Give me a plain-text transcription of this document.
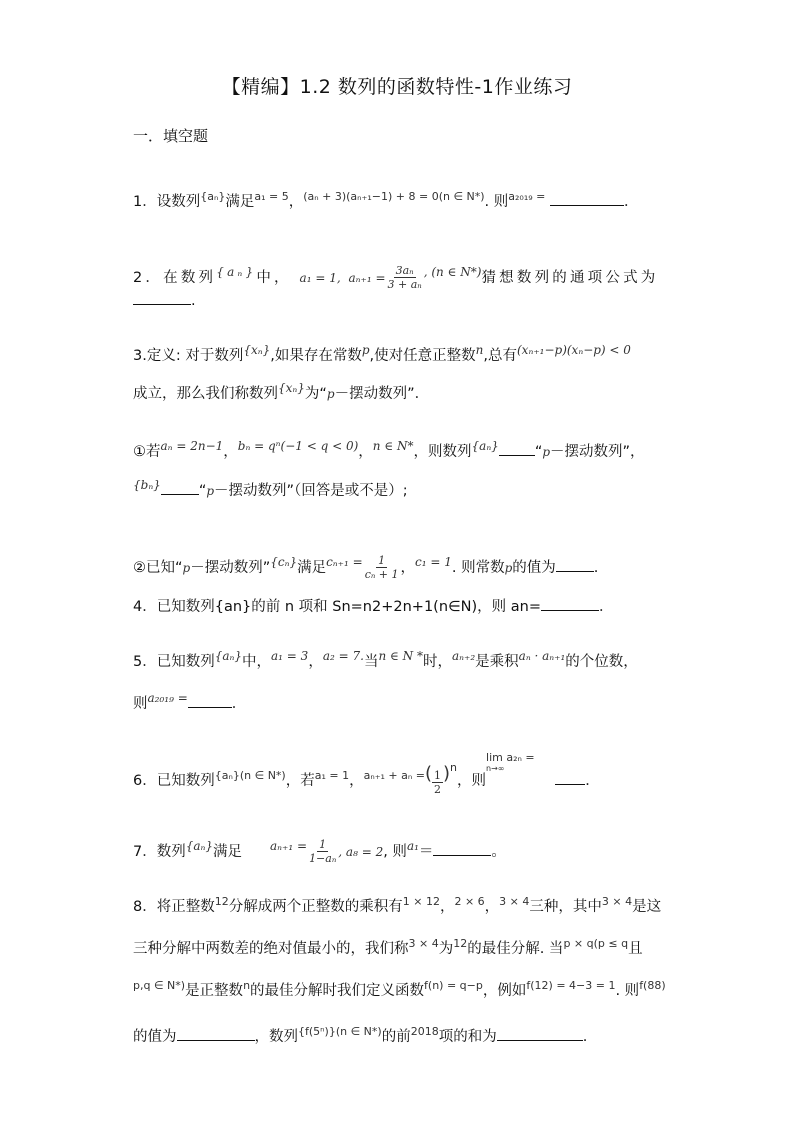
【精编】1.2 数列的函数特性-1作业练习
一．填空题
1．设数列$^{\{a_n\}}$满足$^{a_1 = 5}$，$^{(a_n + 3)(a_{n+1}-1) + 8 = 0(n \in N*)}$. 则$^{a_{2019} =}$	．
2．在数列$^{\{a_n\}}$中， a₁ = 1, $a_{n+1} = \frac{\text{3aₙ}}{\text{3 + aₙ}} ^{, (n \in N*)}$猜想数列的通项公式为
.
3.定义: 对于数列$^{\{x_n\}}$,如果存在常数$^p$,使对任意正整数$^n$,总有$^{(x_{n+1}-p)(x_n-p) < 0}$
成立，那么我们称数列$^{\{x_n\}}$为“p－摆动数列”．
①若$^{a_n = 2n-1}$，$^{b_n = q^n(-1 < q < 0)}$，$^{n \in N*}$，则数列$^{\{a_n\}}$ “p－摆动数列”，
$^{\{b_n\}}$	“p－摆动数列”（回答是或不是）;
②已知“p－摆动数列”$^{\{c_n\}}$满足$^{c_{n+1} =} \frac{1}{\text{cₙ + 1}}$ ，$^{c_1 = 1}$. 则常数p的值为	.
4．已知数列{an}的前 n 项和 Sn=n2+2n+1(n∈N)，则 an=	．
5．已知数列$^{\{a_n\}}$中，$^{a_1 = 3}$，$^{a_2 = 7.}$当$^{n \in N *}$时，$^{a_{n+2}}$是乘积$^{a_n \cdot a_{n+1}}$的个位数，
则$^{a_{2019} =}$	．
6．已知数列$^{\{a_n\}(n \in N*)}$，若$^{a_1 = 1}$，$^{a_{n+1} + a_n =}( \frac{1}{2} )^n$，则
lim a₂ₙ =
n→∞
．
7．数列$^{\{a_n\}}$满足 $^{a_{n+1} =} \frac{1}{\text{1−aₙ}}$ , a₈ = 2, 则$^{a_1}$＝	。
8．将正整数$^{12}$分解成两个正整数的乘积有$^{1 \times 12}$，$^{2 \times 6}$，$^{3 \times 4}$三种，其中$^{3 \times 4}$是这
三种分解中两数差的绝对值最小的，我们称$^{3 \times 4}$为$^{12}$的最佳分解. 当$^{p \times q(p \le q}$且
$^{p,q \in N*)}$是正整数$^n$的最佳分解时我们定义函数$^{f(n) = q-p}$，例如$^{f(12) = 4-3 = 1}$. 则$^{f(88)}$
的值为	，数列$^{\{f(5^n)\}(n \in N*)}$的前$^{2018}$项的和为	.
